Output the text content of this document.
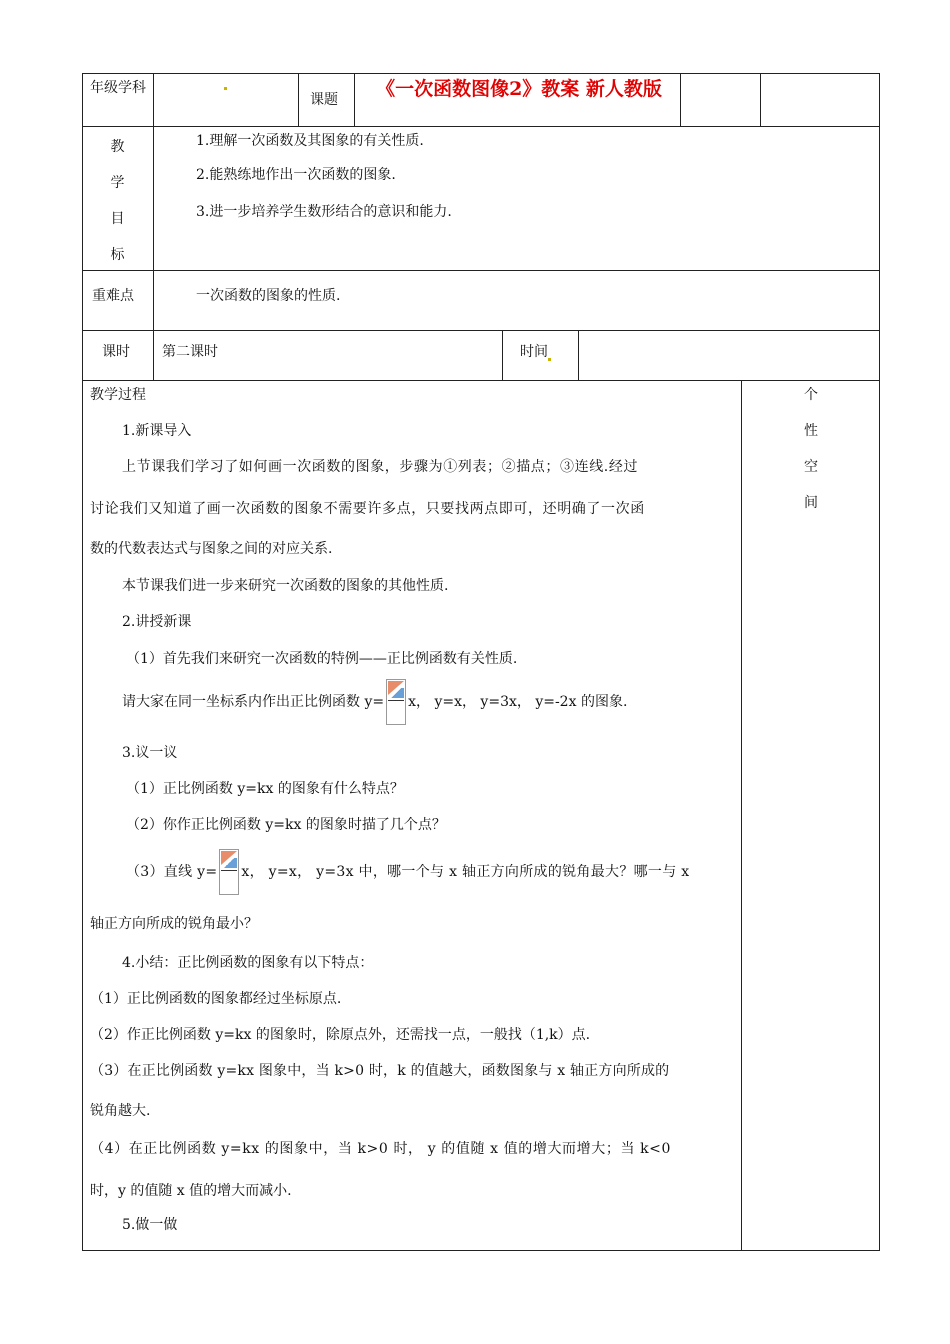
年级学科
课题	《一次函数图像2》教案 新人教版
教
学
目
标
1.理解一次函数及其图象的有关性质.
2.能熟练地作出一次函数的图象.
3.进一步培养学生数形结合的意识和能力.
重难点	一次函数的图象的性质.
课时 第二课时	时间
个
性
空
间
教学过程
1.新课导入
上节课我们学习了如何画一次函数的图象，步骤为①列表；②描点；③连线.经过
讨论我们又知道了画一次函数的图象不需要许多点，只要找两点即可，还明确了一次函
数的代数表达式与图象之间的对应关系.
本节课我们进一步来研究一次函数的图象的其他性质.
2.讲授新课
（1）首先我们来研究一次函数的特例——正比例函数有关性质.
请大家在同一坐标系内作出正比例函数 y= x， y=x， y=3x， y=-2x 的图象.
3.议一议
（1）正比例函数 y=kx 的图象有什么特点？
（2）你作正比例函数 y=kx 的图象时描了几个点？
（3）直线 y= x， y=x， y=3x 中，哪一个与 x 轴正方向所成的锐角最大？哪一与 x
轴正方向所成的锐角最小？
4.小结：正比例函数的图象有以下特点：
（1）正比例函数的图象都经过坐标原点.
（2）作正比例函数 y=kx 的图象时，除原点外，还需找一点，一般找（1,k）点.
（3）在正比例函数 y=kx 图象中，当 k>0 时，k 的值越大，函数图象与 x 轴正方向所成的
锐角越大.
（4）在正比例函数 y=kx 的图象中，当 k>0 时， y 的值随 x 值的增大而增大；当 k<0
时，y 的值随 x 值的增大而减小.
5.做一做
